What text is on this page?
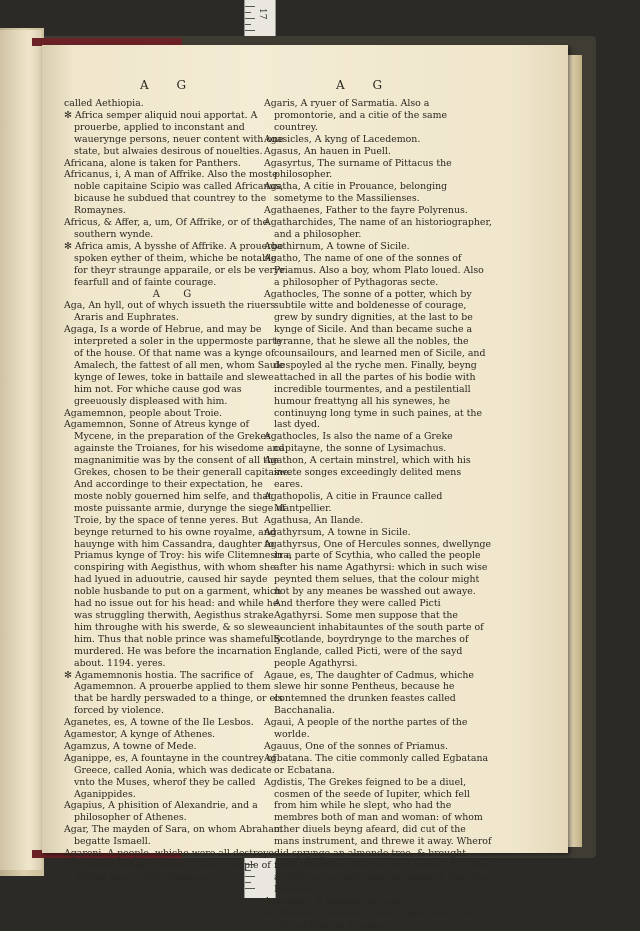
17
A G	A G

called Aethiopia.

✻ Africa semper aliquid noui apportat. A prouerbe, applied to inconstant and wauerynge persons, neuer content with one state, but alwaies desirous of nouelties.

Africana, alone is taken for Panthers.

Africanus, i, A man of Affrike. Also the moste noble capitaine Scipio was called Africanus, bicause he subdued that countrey to the Romaynes.

Africus, & Affer, a, um, Of Affrike, or of the southern wynde.

✻ Africa amis, A bysshe of Affrike. A prouerbe spoken eyther of theim, whiche be notable for theyr straunge apparaile, or els be verye fearfull and of fainte courage.

A G

Aga, An hyll, out of whych issueth the riuers Araris and Euphrates.

Agaga, Is a worde of Hebrue, and may be interpreted a soler in the uppermoste parte of the house. Of that name was a kynge of Amalech, the fattest of all men, whom Saule kynge of Iewes, toke in battaile and slewe him not. For whiche cause god was greeuously displeased with him.

Agamemnon, people about Troie.

Agamemnon, Sonne of Atreus kynge of Mycene, in the preparation of the Grekes againste the Troianes, for his wisedome and magnanimitie was by the consent of all the Grekes, chosen to be their generall capitaine. And accordinge to their expectation, he moste nobly gouerned him selfe, and that moste puissante armie, durynge the siege of Troie, by the space of tenne yeres. But beynge returned to his owne royalme, and hauynge with him Cassandra, daughter to Priamus kynge of Troy: his wife Clitemnestra, conspiring with Aegisthus, with whom she had lyued in aduoutrie, caused hir sayde noble husbande to put on a garment, which had no issue out for his head: and while he was struggling therwith, Aegisthus strake him throughe with his swerde, & so slewe him. Thus that noble prince was shamefully murdered. He was before the incarnation about. 1194. yeres.

✻ Agamemnonis hostia. The sacrifice of Agamemnon. A prouerbe applied to them that be hardly perswaded to a thinge, or els forced by violence.

Aganetes, es, A towne of the Ile Lesbos.

Agamestor, A kynge of Athenes.

Agamzus, A towne of Mede.

Aganippe, es, A fountayne in the countrey of Greece, called Aonia, which was dedicate vnto the Muses, wherof they be called Aganippides.

Agapius, A phisition of Alexandrie, and a philosopher of Athenes.

Agar, The mayden of Sara, on whom Abraham begatte Ismaell.

Agareni, A people, whiche were all destroyed by Saule kynge of Iewes. Also a people of Affrike nowe called Saracens.

Agaris, A ryuer of Sarmatia. Also a promontorie, and a citie of the same countrey.

Agasicles, A kyng of Lacedemon.

Agasus, An hauen in Puell.

Agasyrtus, The surname of Pittacus the philosopher.

Agatha, A citie in Prouance, belonging sometyme to the Massilienses.

Agathaenes, Father to the fayre Polyrenus.

Agatharchides, The name of an historiographer, and a philosopher.

Agathirnum, A towne of Sicile.

Agatho, The name of one of the sonnes of Priamus. Also a boy, whom Plato loued. Also a philosopher of Pythagoras secte.

Agathocles, The sonne of a potter, which by subtile witte and boldenesse of courage, grew by sundry dignities, at the last to be kynge of Sicile. And than became suche a tyranne, that he slewe all the nobles, the counsailours, and learned men of Sicile, and despoyled al the ryche men. Finally, beyng attached in all the partes of his bodie with incredible tourmentes, and a pestilentiall humour freattyng all his synewes, he continuyng long tyme in such paines, at the last dyed.

Agathocles, Is also the name of a Greke capitayne, the sonne of Lysimachus.

Agathon, A certain minstrel, which with his swete songes exceedingly delited mens eares.

Agathopolis, A citie in Fraunce called Mantpellier.

Agathusa, An Ilande.

Agathyrsum, A towne in Sicile.

Agathyrsus, One of Hercules sonnes, dwellynge in a parte of Scythia, who called the people after his name Agathyrsi: which in such wise peynted them selues, that the colour might not by any meanes be wasshed out awaye. And therfore they were called Picti Agathyrsi. Some men suppose that the auncient inhabitauntes of the south parte of Scotlande, boyrdrynge to the marches of Englande, called Picti, were of the sayd people Agathyrsi.

Agaue, es, The daughter of Cadmus, whiche slewe hir sonne Pentheus, because he contemned the drunken feastes called Bacchanalia.

Agaui, A people of the northe partes of the worlde.

Agauus, One of the sonnes of Priamus.

Agbatana. The citie commonly called Egbatana or Ecbatana.

Agdistis, The Grekes feigned to be a diuel, cosmen of the seede of Iupiter, which fell from him while he slept, who had the membres both of man and woman: of whom other diuels beyng afeard, did cut of the mans instrument, and threwe it away. Wherof did sprynge an almonde tree, & brought forth almondes whiche tyme serued. It is also an hill, at the foote wherof standeth the citie Pessinus.

Agesilaus, A famouse wrestler.

Agedicum, Otherwise called Agendicum, the citie of Sens in Fraunce.
